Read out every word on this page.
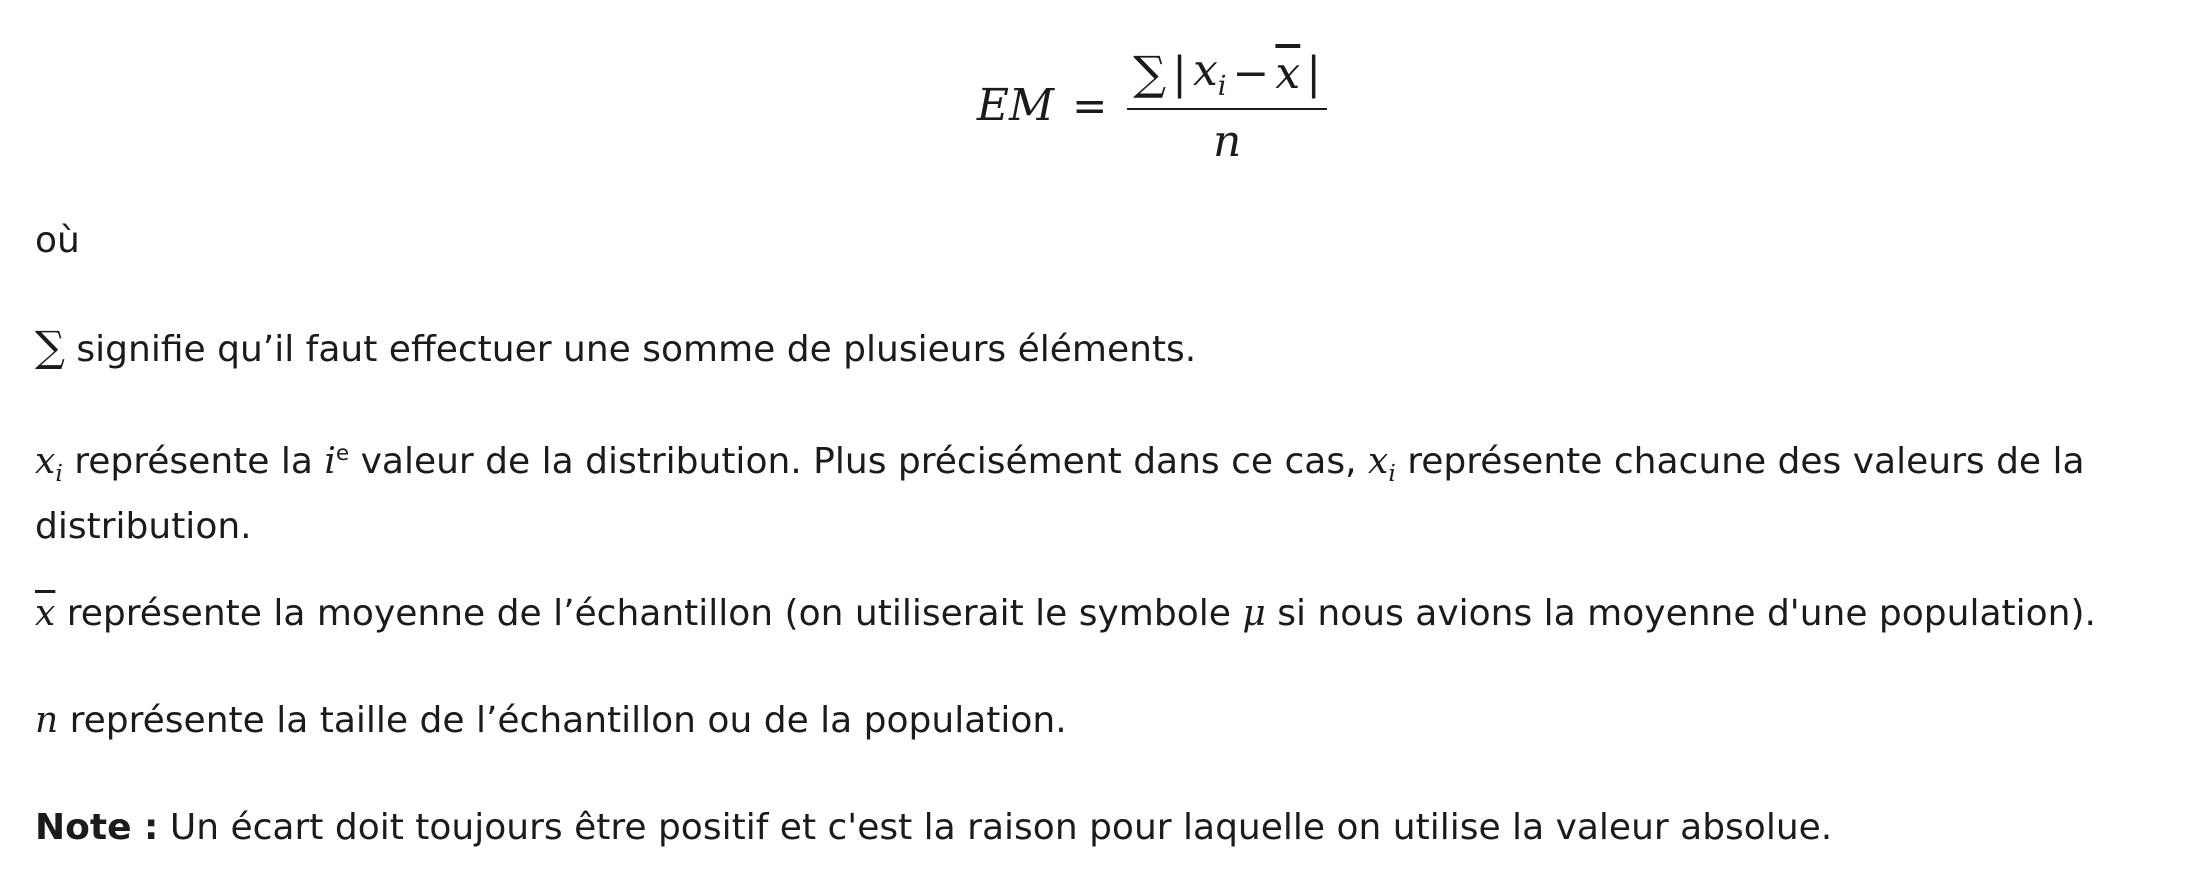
EM = $\frac{\sum | x_i - \overline{x} |}{n}$
où
∑ signifie qu’il faut effectuer une somme de plusieurs éléments.
$x_i$ représente la $i^e$ valeur de la distribution. Plus précisément dans ce cas, $x_i$ représente chacune des valeurs de la distribution.
$\overline{x}$ représente la moyenne de l’échantillon (on utiliserait le symbole μ si nous avions la moyenne d'une population).
n représente la taille de l’échantillon ou de la population.
Note : Un écart doit toujours être positif et c'est la raison pour laquelle on utilise la valeur absolue.
